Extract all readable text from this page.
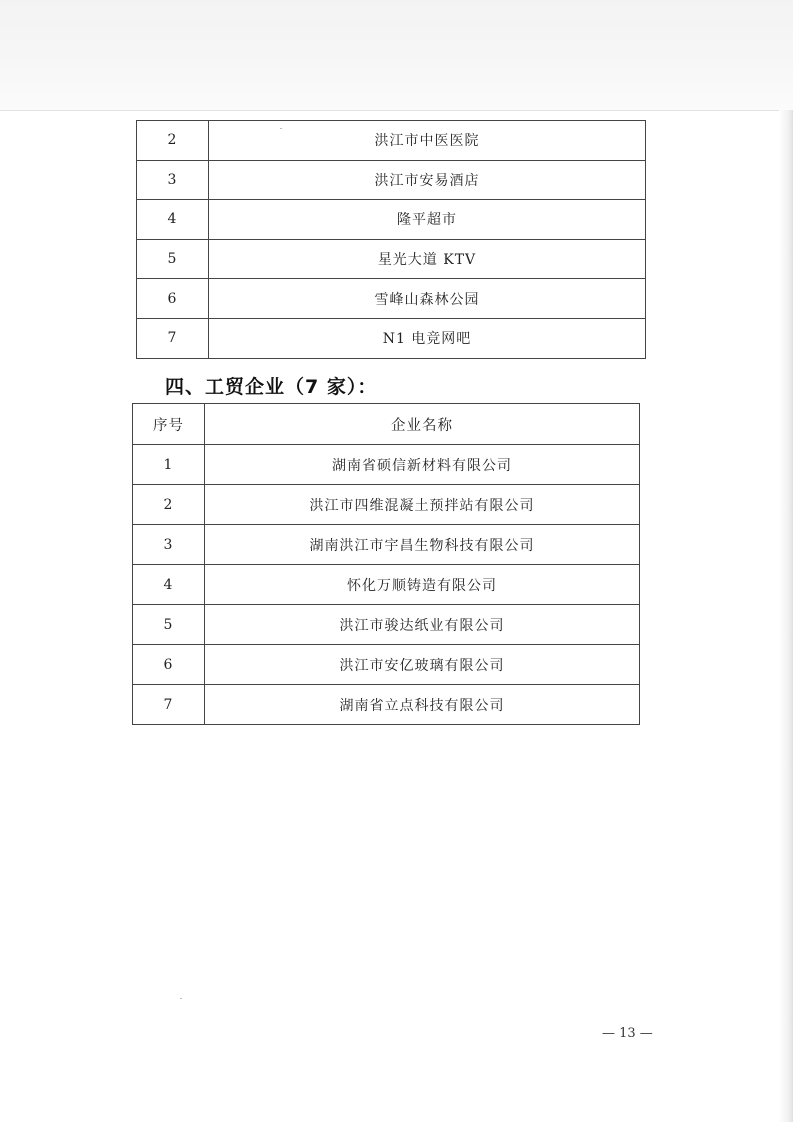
2	洪江市中医医院
3	洪江市安易酒店
4	隆平超市
5	星光大道 KTV
6	雪峰山森林公园
7	N1 电竞网吧
四、工贸企业（7 家）：
序号	企业名称
1	湖南省硕信新材料有限公司
2	洪江市四维混凝土预拌站有限公司
3	湖南洪江市宇昌生物科技有限公司
4	怀化万顺铸造有限公司
5	洪江市骏达纸业有限公司
6	洪江市安亿玻璃有限公司
7	湖南省立点科技有限公司
— 13 —
